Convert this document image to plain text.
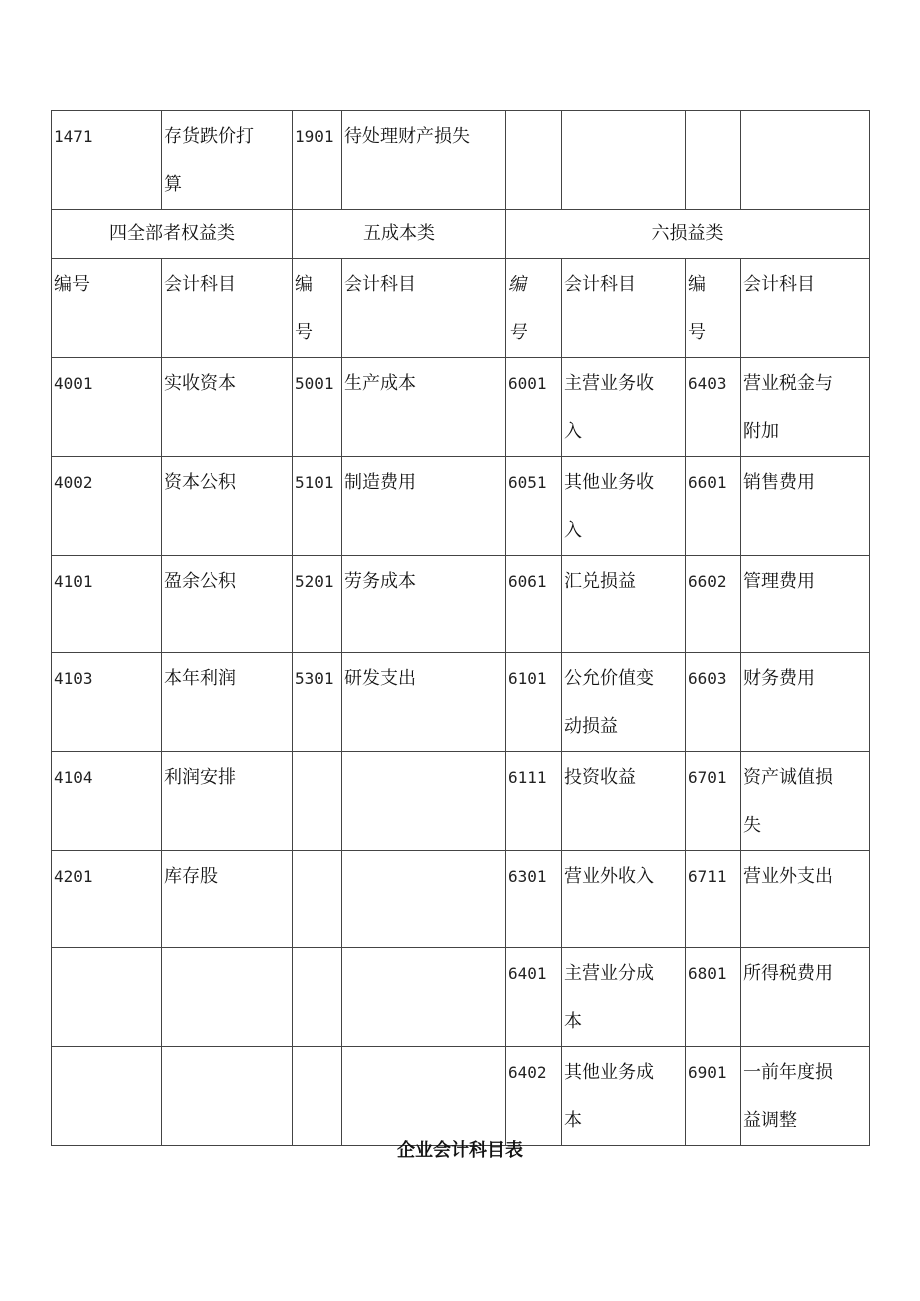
1471	存货跌价打算	1901	待处理财产损失				

四全部者权益类		五成本类		六损益类			

编号	会计科目	编号	会计科目	编号	会计科目	编号	会计科目

4001	实收资本	5001	生产成本	6001	主营业务收入	6403	营业税金与附加

4002	资本公积	5101	制造费用	6051	其他业务收入	6601	销售费用

4101	盈余公积	5201	劳务成本	6061	汇兑损益	6602	管理费用

4103	本年利润	5301	研发支出	6101	公允价值变动损益	6603	财务费用

4104	利润安排			6111	投资收益	6701	资产诚值损失

4201	库存股			6301	营业外收入	6711	营业外支出

				6401	主营业分成本	6801	所得税费用

				6402	其他业务成本	6901	一前年度损益调整
企业会计科目表
